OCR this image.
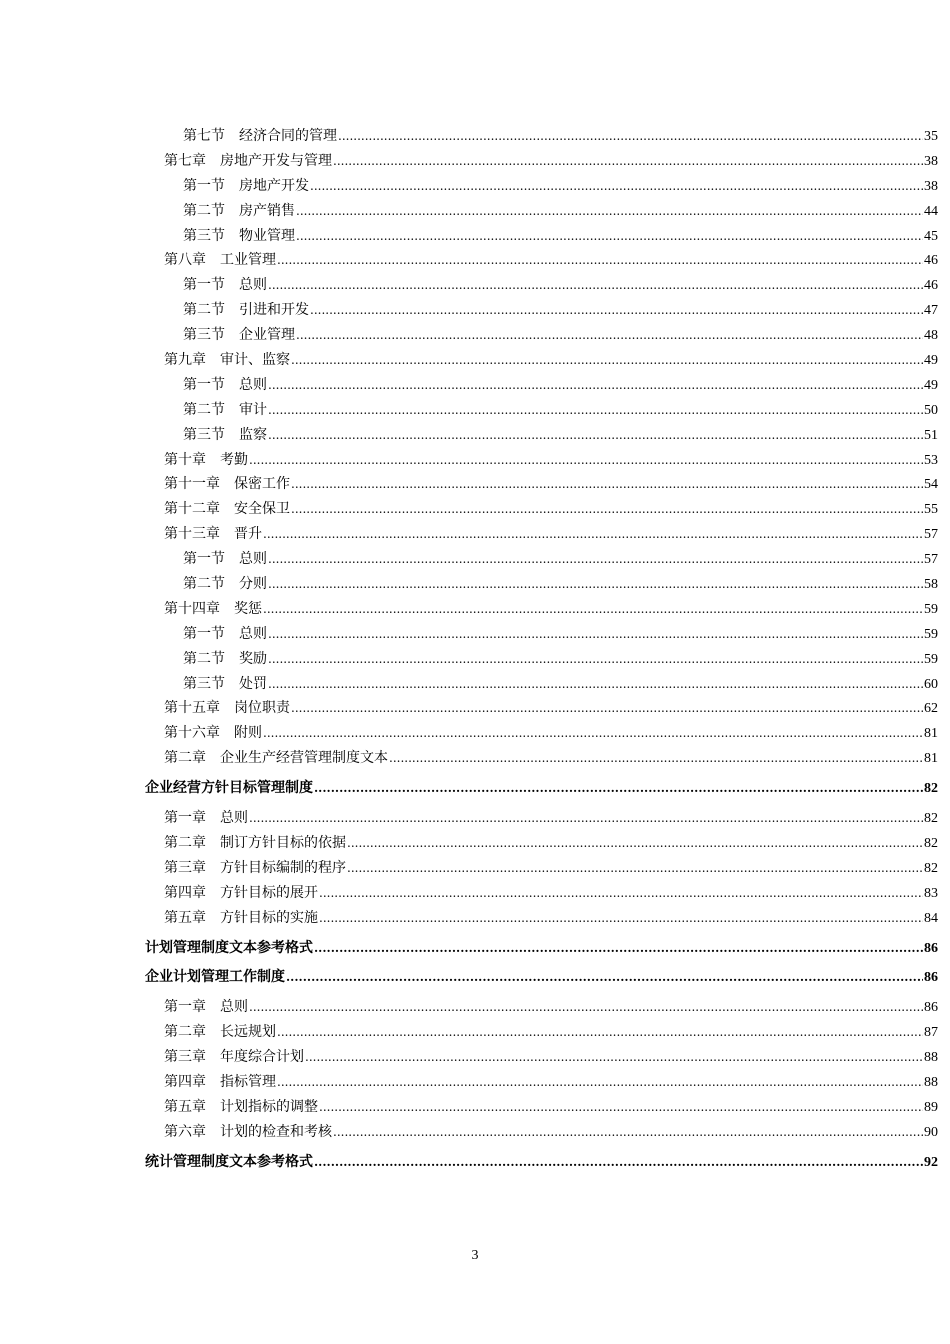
第七节　经济合同的管理 .....	35
第七章　房地产开发与管理 .....	38
第一节　房地产开发 .....	38
第二节　房产销售 .....	44
第三节　物业管理 .....	45
第八章　工业管理 .....	46
第一节　总则 .....	46
第二节　引进和开发 .....	47
第三节　企业管理 .....	48
第九章　审计、监察 .....	49
第一节　总则 .....	49
第二节　审计 .....	50
第三节　监察 .....	51
第十章　考勤 .....	53
第十一章　保密工作 .....	54
第十二章　安全保卫 .....	55
第十三章　晋升 .....	57
第一节　总则 .....	57
第二节　分则 .....	58
第十四章　奖惩 .....	59
第一节　总则 .....	59
第二节　奖励 .....	59
第三节　处罚 .....	60
第十五章　岗位职责 .....	62
第十六章　附则 .....	81
第二章　企业生产经营管理制度文本 .....	81
企业经营方针目标管理制度 .....	82
第一章　总则 .....	82
第二章　制订方针目标的依据 .....	82
第三章　方针目标编制的程序 .....	82
第四章　方针目标的展开 .....	83
第五章　方针目标的实施 .....	84
计划管理制度文本参考格式 .....	86
企业计划管理工作制度 .....	86
第一章　总则 .....	86
第二章　长远规划 .....	87
第三章　年度综合计划 .....	88
第四章　指标管理 .....	88
第五章　计划指标的调整 .....	89
第六章　计划的检查和考核 .....	90
统计管理制度文本参考格式 .....	92
3
